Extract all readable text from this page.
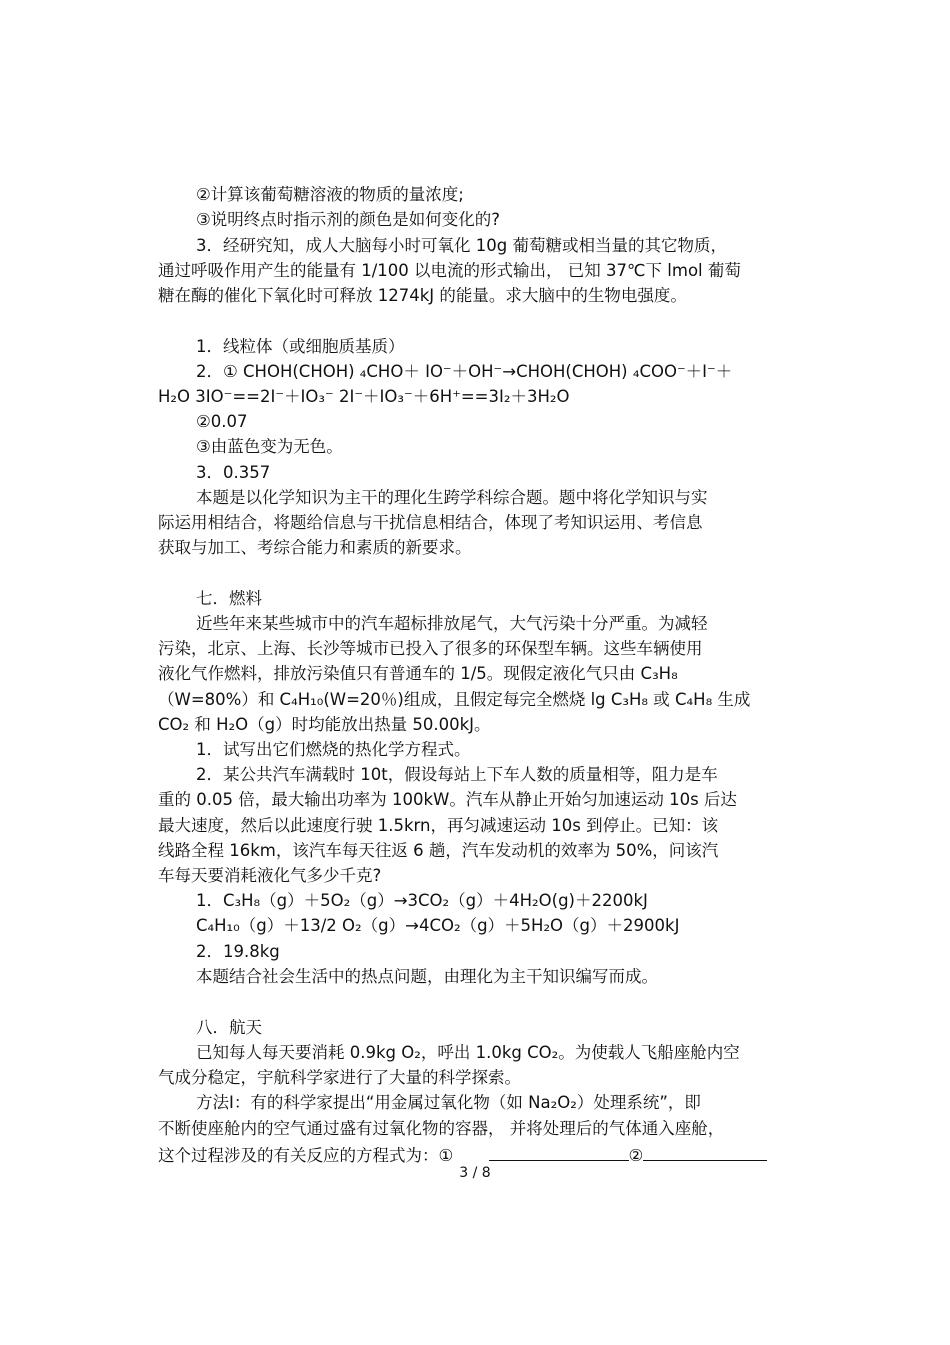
②计算该葡萄糖溶液的物质的量浓度;
③说明终点时指示剂的颜色是如何变化的?
3．经研究知，成人大脑每小时可氧化 10g 葡萄糖或相当量的其它物质，
通过呼吸作用产生的能量有 1/100 以电流的形式输出， 已知 37℃下 lmol 葡萄
糖在酶的催化下氧化时可释放 1274kJ 的能量。求大脑中的生物电强度。
1．线粒体（或细胞质基质）
2．① CHOH(CHOH) ₄CHO＋ IO⁻＋OH⁻→CHOH(CHOH) ₄COO⁻＋I⁻＋
H₂O 3IO⁻==2I⁻＋IO₃⁻ 2I⁻＋IO₃⁻＋6H⁺==3I₂＋3H₂O
②0.07
③由蓝色变为无色。
3．0.357
本题是以化学知识为主干的理化生跨学科综合题。题中将化学知识与实
际运用相结合，将题给信息与干扰信息相结合，体现了考知识运用、考信息
获取与加工、考综合能力和素质的新要求。
七．燃料
近些年来某些城市中的汽车超标排放尾气，大气污染十分严重。为减轻
污染，北京、上海、长沙等城市已投入了很多的环保型车辆。这些车辆使用
液化气作燃料，排放污染值只有普通车的 1/5。现假定液化气只由 C₃H₈
（W=80%）和 C₄H₁₀(W=20％)组成，且假定每完全燃烧 lg C₃H₈ 或 C₄H₈ 生成
CO₂ 和 H₂O（g）时均能放出热量 50.00kJ。
1．试写出它们燃烧的热化学方程式。
2．某公共汽车满载时 10t，假设每站上下车人数的质量相等，阻力是车
重的 0.05 倍，最大输出功率为 100kW。汽车从静止开始匀加速运动 10s 后达
最大速度，然后以此速度行驶 1.5krn，再匀减速运动 10s 到停止。已知：该
线路全程 16km，该汽车每天往返 6 趟，汽车发动机的效率为 50%，问该汽
车每天要消耗液化气多少千克?
1．C₃H₈（g）＋5O₂（g）→3CO₂（g）＋4H₂O(g)＋2200kJ
C₄H₁₀（g）＋13/2 O₂（g）→4CO₂（g）＋5H₂O（g）＋2900kJ
2．19.8kg
本题结合社会生活中的热点问题，由理化为主干知识编写而成。
八．航天
已知每人每天要消耗 0.9kg O₂，呼出 1.0kg CO₂。为使载人飞船座舱内空
气成分稳定，宇航科学家进行了大量的科学探索。
方法Ⅰ：有的科学家提出“用金属过氧化物（如 Na₂O₂）处理系统”，即
不断使座舱内的空气通过盛有过氧化物的容器， 并将处理后的气体通入座舱，
这个过程涉及的有关反应的方程式为：①	②
3 / 8
